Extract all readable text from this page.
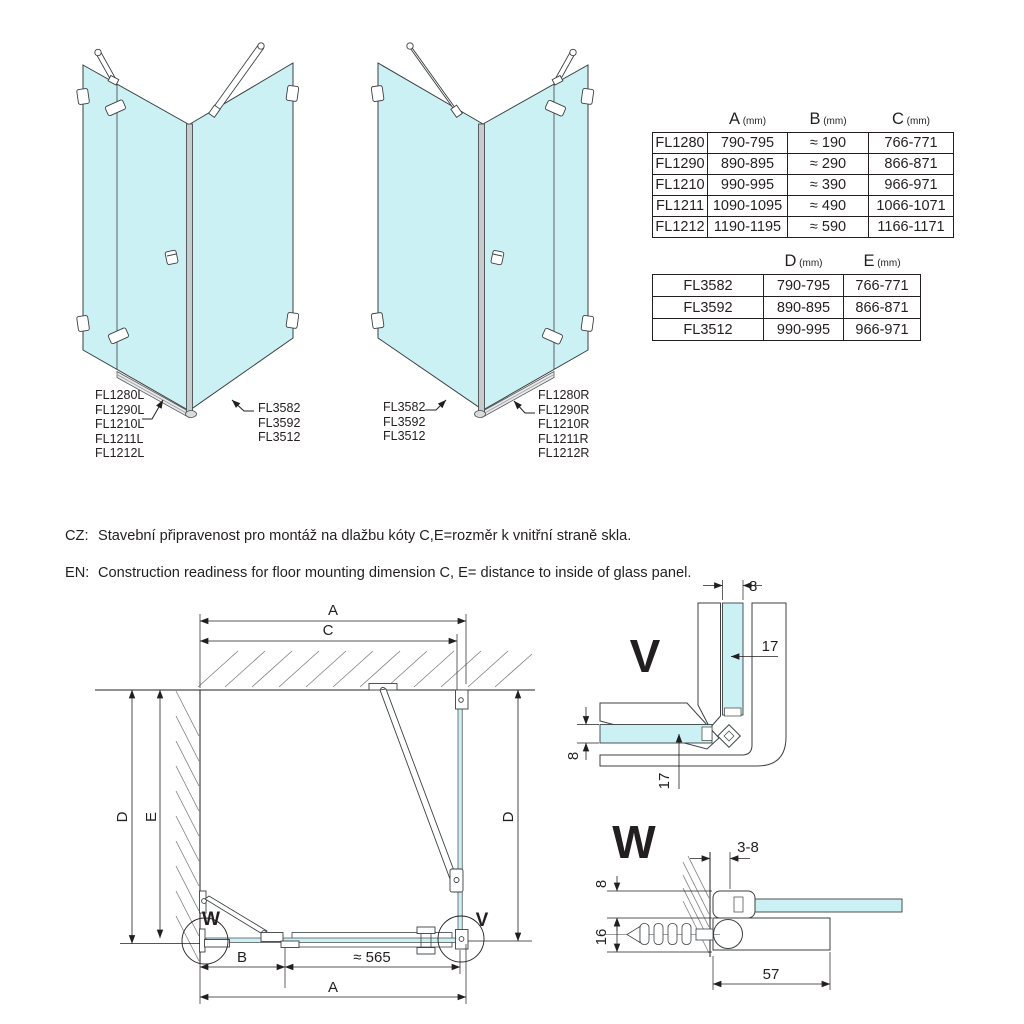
A
C
D E	D
B	≈ 565
A
W	V
V
8
17
8
17
W	3-8
8
16
57
FL1280L
FL1290L
FL1210L
FL1211L
FL1212L
FL3582
FL3592
FL3512
FL3582
FL3592
FL3512
FL1280R
FL1290R
FL1210R
FL1211R
FL1212R
	A (mm)	B (mm)	C (mm)
FL1280	790-795	≈ 190	766-771
FL1290	890-895	≈ 290	866-871
FL1210	990-995	≈ 390	966-971
FL1211	1090-1095	≈ 490	1066-1071
FL1212	1190-1195	≈ 590	1166-1171
	D (mm)	E (mm)
FL3582	790-795	766-771
FL3592	890-895	866-871
FL3512	990-995	966-971
CZ: Stavební připravenost pro montáž na dlažbu kóty C,E=rozměr k vnitřní straně skla.
EN: Construction readiness for floor mounting dimension C, E= distance to inside of glass panel.
